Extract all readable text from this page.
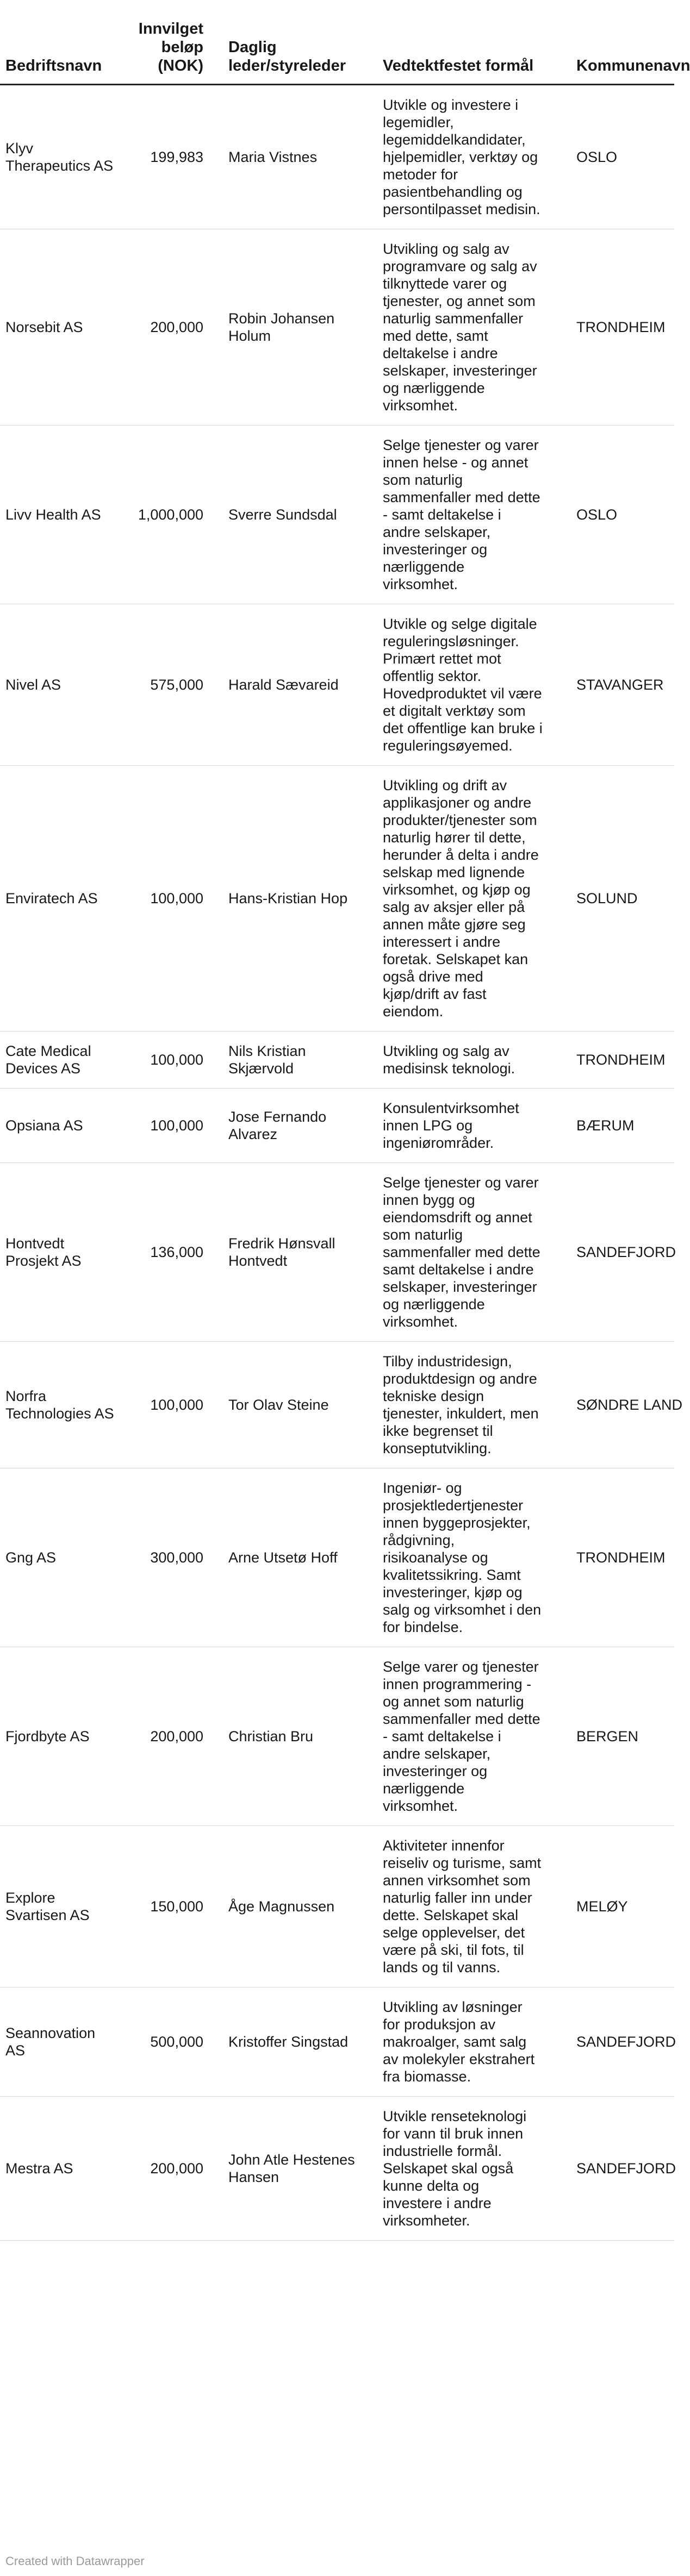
Bedriftsnavn	Innvilget beløp (NOK)	Daglig leder/styreleder	Vedtektfestet formål	Kommunenavn
Klyv Therapeutics AS	199,983	Maria Vistnes	Utvikle og investere i legemidler, legemiddelkandidater, hjelpemidler, verktøy og metoder for pasientbehandling og persontilpasset medisin.	OSLO
Norsebit AS	200,000	Robin Johansen Holum	Utvikling og salg av programvare og salg av tilknyttede varer og tjenester, og annet som naturlig sammenfaller med dette, samt deltakelse i andre selskaper, investeringer og nærliggende virksomhet.	TRONDHEIM
Livv Health AS	1,000,000	Sverre Sundsdal	Selge tjenester og varer innen helse - og annet som naturlig sammenfaller med dette - samt deltakelse i andre selskaper, investeringer og nærliggende virksomhet.	OSLO
Nivel AS	575,000	Harald Sævareid	Utvikle og selge digitale reguleringsløsninger. Primært rettet mot offentlig sektor. Hovedproduktet vil være et digitalt verktøy som det offentlige kan bruke i reguleringsøyemed.	STAVANGER
Enviratech AS	100,000	Hans-Kristian Hop	Utvikling og drift av applikasjoner og andre produkter/tjenester som naturlig hører til dette, herunder å delta i andre selskap med lignende virksomhet, og kjøp og salg av aksjer eller på annen måte gjøre seg interessert i andre foretak. Selskapet kan også drive med kjøp/drift av fast eiendom.	SOLUND
Cate Medical Devices AS	100,000	Nils Kristian Skjærvold	Utvikling og salg av medisinsk teknologi.	TRONDHEIM
Opsiana AS	100,000	Jose Fernando Alvarez	Konsulentvirksomhet innen LPG og ingeniørområder.	BÆRUM
Hontvedt Prosjekt AS	136,000	Fredrik Hønsvall Hontvedt	Selge tjenester og varer innen bygg og eiendomsdrift og annet som naturlig sammenfaller med dette samt deltakelse i andre selskaper, investeringer og nærliggende virksomhet.	SANDEFJORD
Norfra Technologies AS	100,000	Tor Olav Steine	Tilby industridesign, produktdesign og andre tekniske design tjenester, inkuldert, men ikke begrenset til konseptutvikling.	SØNDRE LAND
Gng AS	300,000	Arne Utsetø Hoff	Ingeniør- og prosjektledertjenester innen byggeprosjekter, rådgivning, risikoanalyse og kvalitetssikring. Samt investeringer, kjøp og salg og virksomhet i den for bindelse.	TRONDHEIM
Fjordbyte AS	200,000	Christian Bru	Selge varer og tjenester innen programmering - og annet som naturlig sammenfaller med dette - samt deltakelse i andre selskaper, investeringer og nærliggende virksomhet.	BERGEN
Explore Svartisen AS	150,000	Åge Magnussen	Aktiviteter innenfor reiseliv og turisme, samt annen virksomhet som naturlig faller inn under dette. Selskapet skal selge opplevelser, det være på ski, til fots, til lands og til vanns.	MELØY
Seannovation AS	500,000	Kristoffer Singstad	Utvikling av løsninger for produksjon av makroalger, samt salg av molekyler ekstrahert fra biomasse.	SANDEFJORD
Mestra AS	200,000	John Atle Hestenes Hansen	Utvikle renseteknologi for vann til bruk innen industrielle formål. Selskapet skal også kunne delta og investere i andre virksomheter.	SANDEFJORD
Created with Datawrapper
